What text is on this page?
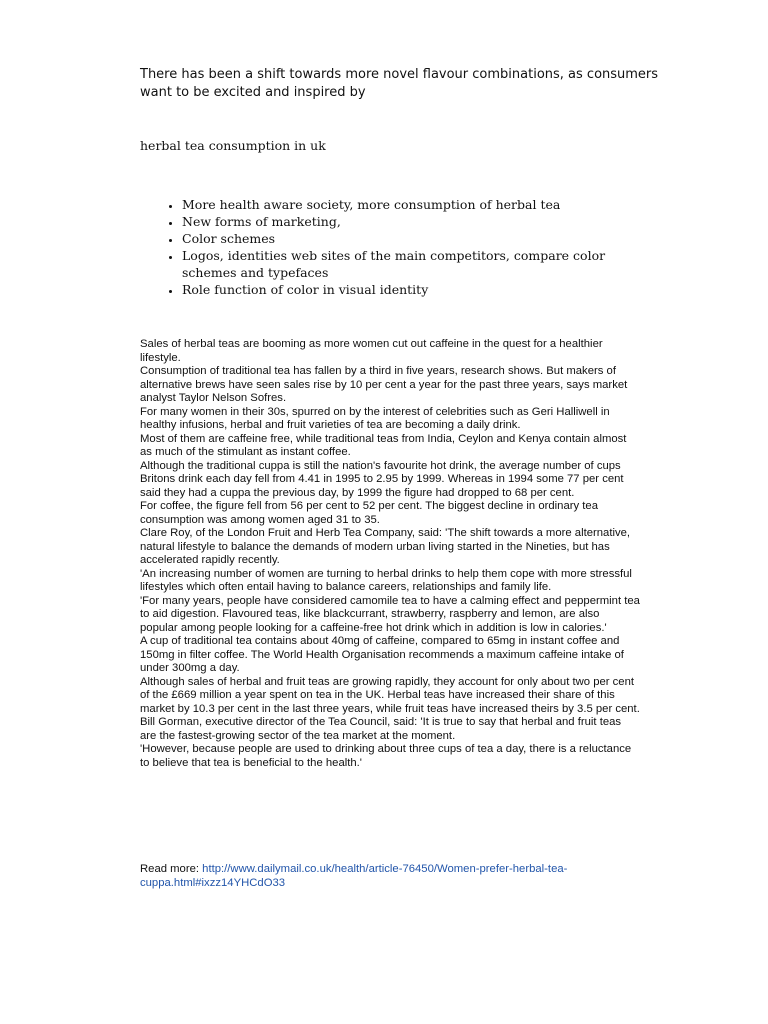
There has been a shift towards more novel flavour combinations, as consumers want to be excited and inspired by

herbal tea consumption in uk

• More health aware society, more consumption of herbal tea
• New forms of marketing,
• Color schemes
• Logos, identities web sites of the main competitors, compare color schemes and typefaces
• Role function of color in visual identity

Sales of herbal teas are booming as more women cut out caffeine in the quest for a healthier lifestyle.

Consumption of traditional tea has fallen by a third in five years, research shows. But makers of alternative brews have seen sales rise by 10 per cent a year for the past three years, says market analyst Taylor Nelson Sofres.

For many women in their 30s, spurred on by the interest of celebrities such as Geri Halliwell in healthy infusions, herbal and fruit varieties of tea are becoming a daily drink.

Most of them are caffeine free, while traditional teas from India, Ceylon and Kenya contain almost as much of the stimulant as instant coffee.

Although the traditional cuppa is still the nation's favourite hot drink, the average number of cups Britons drink each day fell from 4.41 in 1995 to 2.95 by 1999. Whereas in 1994 some 77 per cent said they had a cuppa the previous day, by 1999 the figure had dropped to 68 per cent.

For coffee, the figure fell from 56 per cent to 52 per cent. The biggest decline in ordinary tea consumption was among women aged 31 to 35.

Clare Roy, of the London Fruit and Herb Tea Company, said: 'The shift towards a more alternative, natural lifestyle to balance the demands of modern urban living started in the Nineties, but has accelerated rapidly recently.

'An increasing number of women are turning to herbal drinks to help them cope with more stressful lifestyles which often entail having to balance careers, relationships and family life.

'For many years, people have considered camomile tea to have a calming effect and peppermint tea to aid digestion. Flavoured teas, like blackcurrant, strawberry, raspberry and lemon, are also popular among people looking for a caffeine-free hot drink which in addition is low in calories.'

A cup of traditional tea contains about 40mg of caffeine, compared to 65mg in instant coffee and 150mg in filter coffee. The World Health Organisation recommends a maximum caffeine intake of under 300mg a day.

Although sales of herbal and fruit teas are growing rapidly, they account for only about two per cent of the £669 million a year spent on tea in the UK. Herbal teas have increased their share of this market by 10.3 per cent in the last three years, while fruit teas have increased theirs by 3.5 per cent.

Bill Gorman, executive director of the Tea Council, said: 'It is true to say that herbal and fruit teas are the fastest-growing sector of the tea market at the moment.

'However, because people are used to drinking about three cups of tea a day, there is a reluctance to believe that tea is beneficial to the health.'

Read more: http://www.dailymail.co.uk/health/article-76450/Women-prefer-herbal-tea-cuppa.html#ixzz14YHCdO33
